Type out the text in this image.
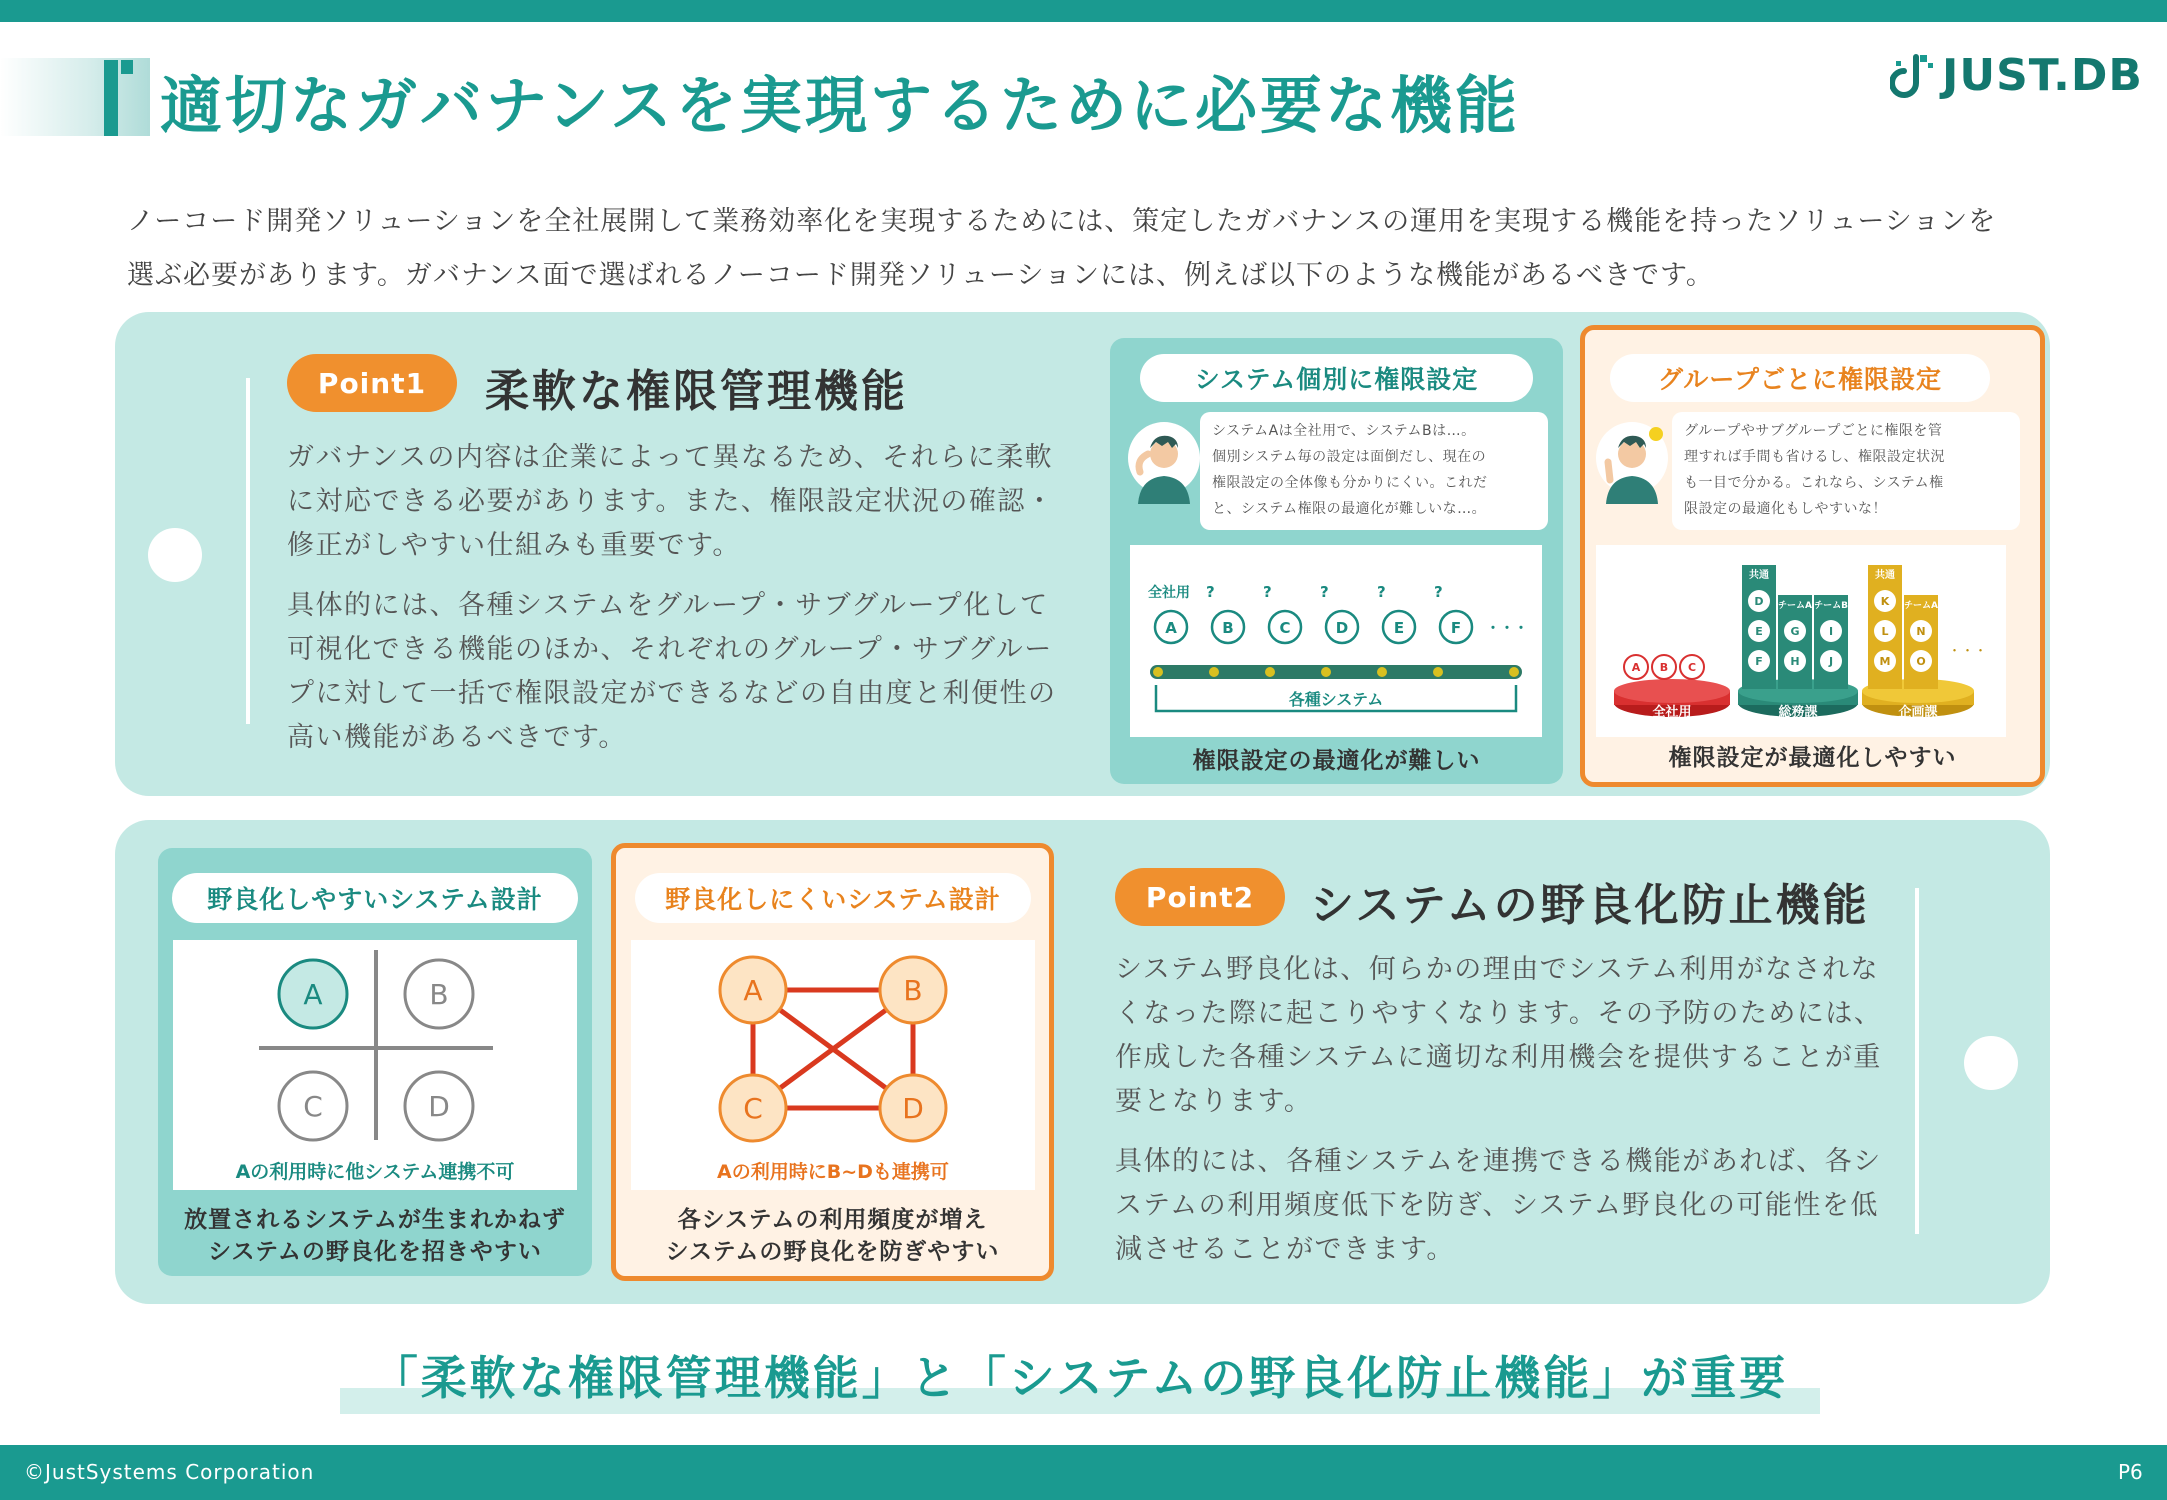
適切なガバナンスを実現するために必要な機能	JUST.DB
ノーコード開発ソリューションを全社展開して業務効率化を実現するためには、策定したガバナンスの運用を実現する機能を持ったソリューションを
選ぶ必要があります。ガバナンス面で選ばれるノーコード開発ソリューションには、例えば以下のような機能があるべきです。
Point1	柔軟な権限管理機能
ガバナンスの内容は企業によって異なるため、それらに柔軟
に対応できる必要があります。また、権限設定状況の確認・
修正がしやすい仕組みも重要です。
具体的には、各種システムをグループ・サブグループ化して
可視化できる機能のほか、それぞれのグループ・サブグルー
プに対して一括で権限設定ができるなどの自由度と利便性の
高い機能があるべきです。
システム個別に権限設定
システムAは全社用で、システムBは…。
個別システム毎の設定は面倒だし、現在の
権限設定の全体像も分かりにくい。これだ
と、システム権限の最適化が難しいな…。
全社用 ?	?	?	?	?
A	B	C	D	E	F ・・・
各種システム
権限設定の最適化が難しい
グループごとに権限設定
グループやサブグループごとに権限を管
理すれば手間も省けるし、権限設定状況
も一目で分かる。これなら、システム権
限設定の最適化もしやすいな！
全社用	総務課	企画課
A B C
共通
チームA チームB
D
E
F
G
H
I
J
共通
チームA
K
L
M
N
O
・・・
権限設定が最適化しやすい
野良化しやすいシステム設計
A	B
C	D
Aの利用時に他システム連携不可
放置されるシステムが生まれかねず
システムの野良化を招きやすい
野良化しにくいシステム設計
A	B
C	D
Aの利用時にB~Dも連携可
各システムの利用頻度が増え
システムの野良化を防ぎやすい
Point2	システムの野良化防止機能
システム野良化は、何らかの理由でシステム利用がなされな
くなった際に起こりやすくなります。その予防のためには、
作成した各種システムに適切な利用機会を提供することが重
要となります。
具体的には、各種システムを連携できる機能があれば、各シ
ステムの利用頻度低下を防ぎ、システム野良化の可能性を低
減させることができます。
「柔軟な権限管理機能」と「システムの野良化防止機能」が重要
©JustSystems Corporation	P6
